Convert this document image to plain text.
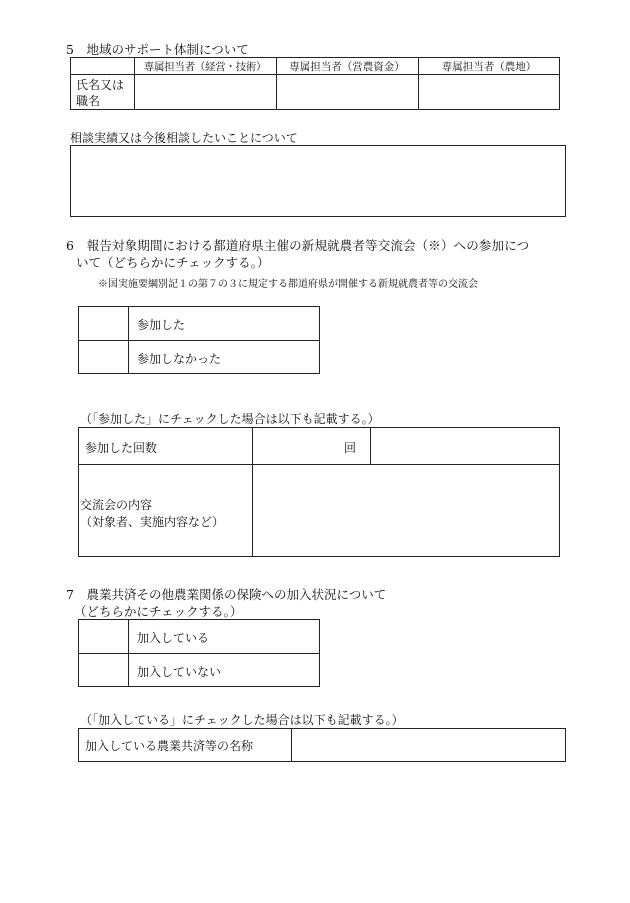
5　地域のサポート体制について
専属担当者（経営・技術）	専属担当者（営農資金）	専属担当者（農地）
氏名又は
職名
相談実績又は今後相談したいことについて
6　報告対象期間における都道府県主催の新規就農者等交流会（※）への参加につ
いて（どちらかにチェックする。）
※国実施要綱別記１の第７の３に規定する都道府県が開催する新規就農者等の交流会
参加した
参加しなかった
（「参加した」にチェックした場合は以下も記載する。）
参加した回数	回
交流会の内容
（対象者、実施内容など）
7　農業共済その他農業関係の保険への加入状況について
（どちらかにチェックする。）
加入している
加入していない
（「加入している」にチェックした場合は以下も記載する。）
加入している農業共済等の名称
